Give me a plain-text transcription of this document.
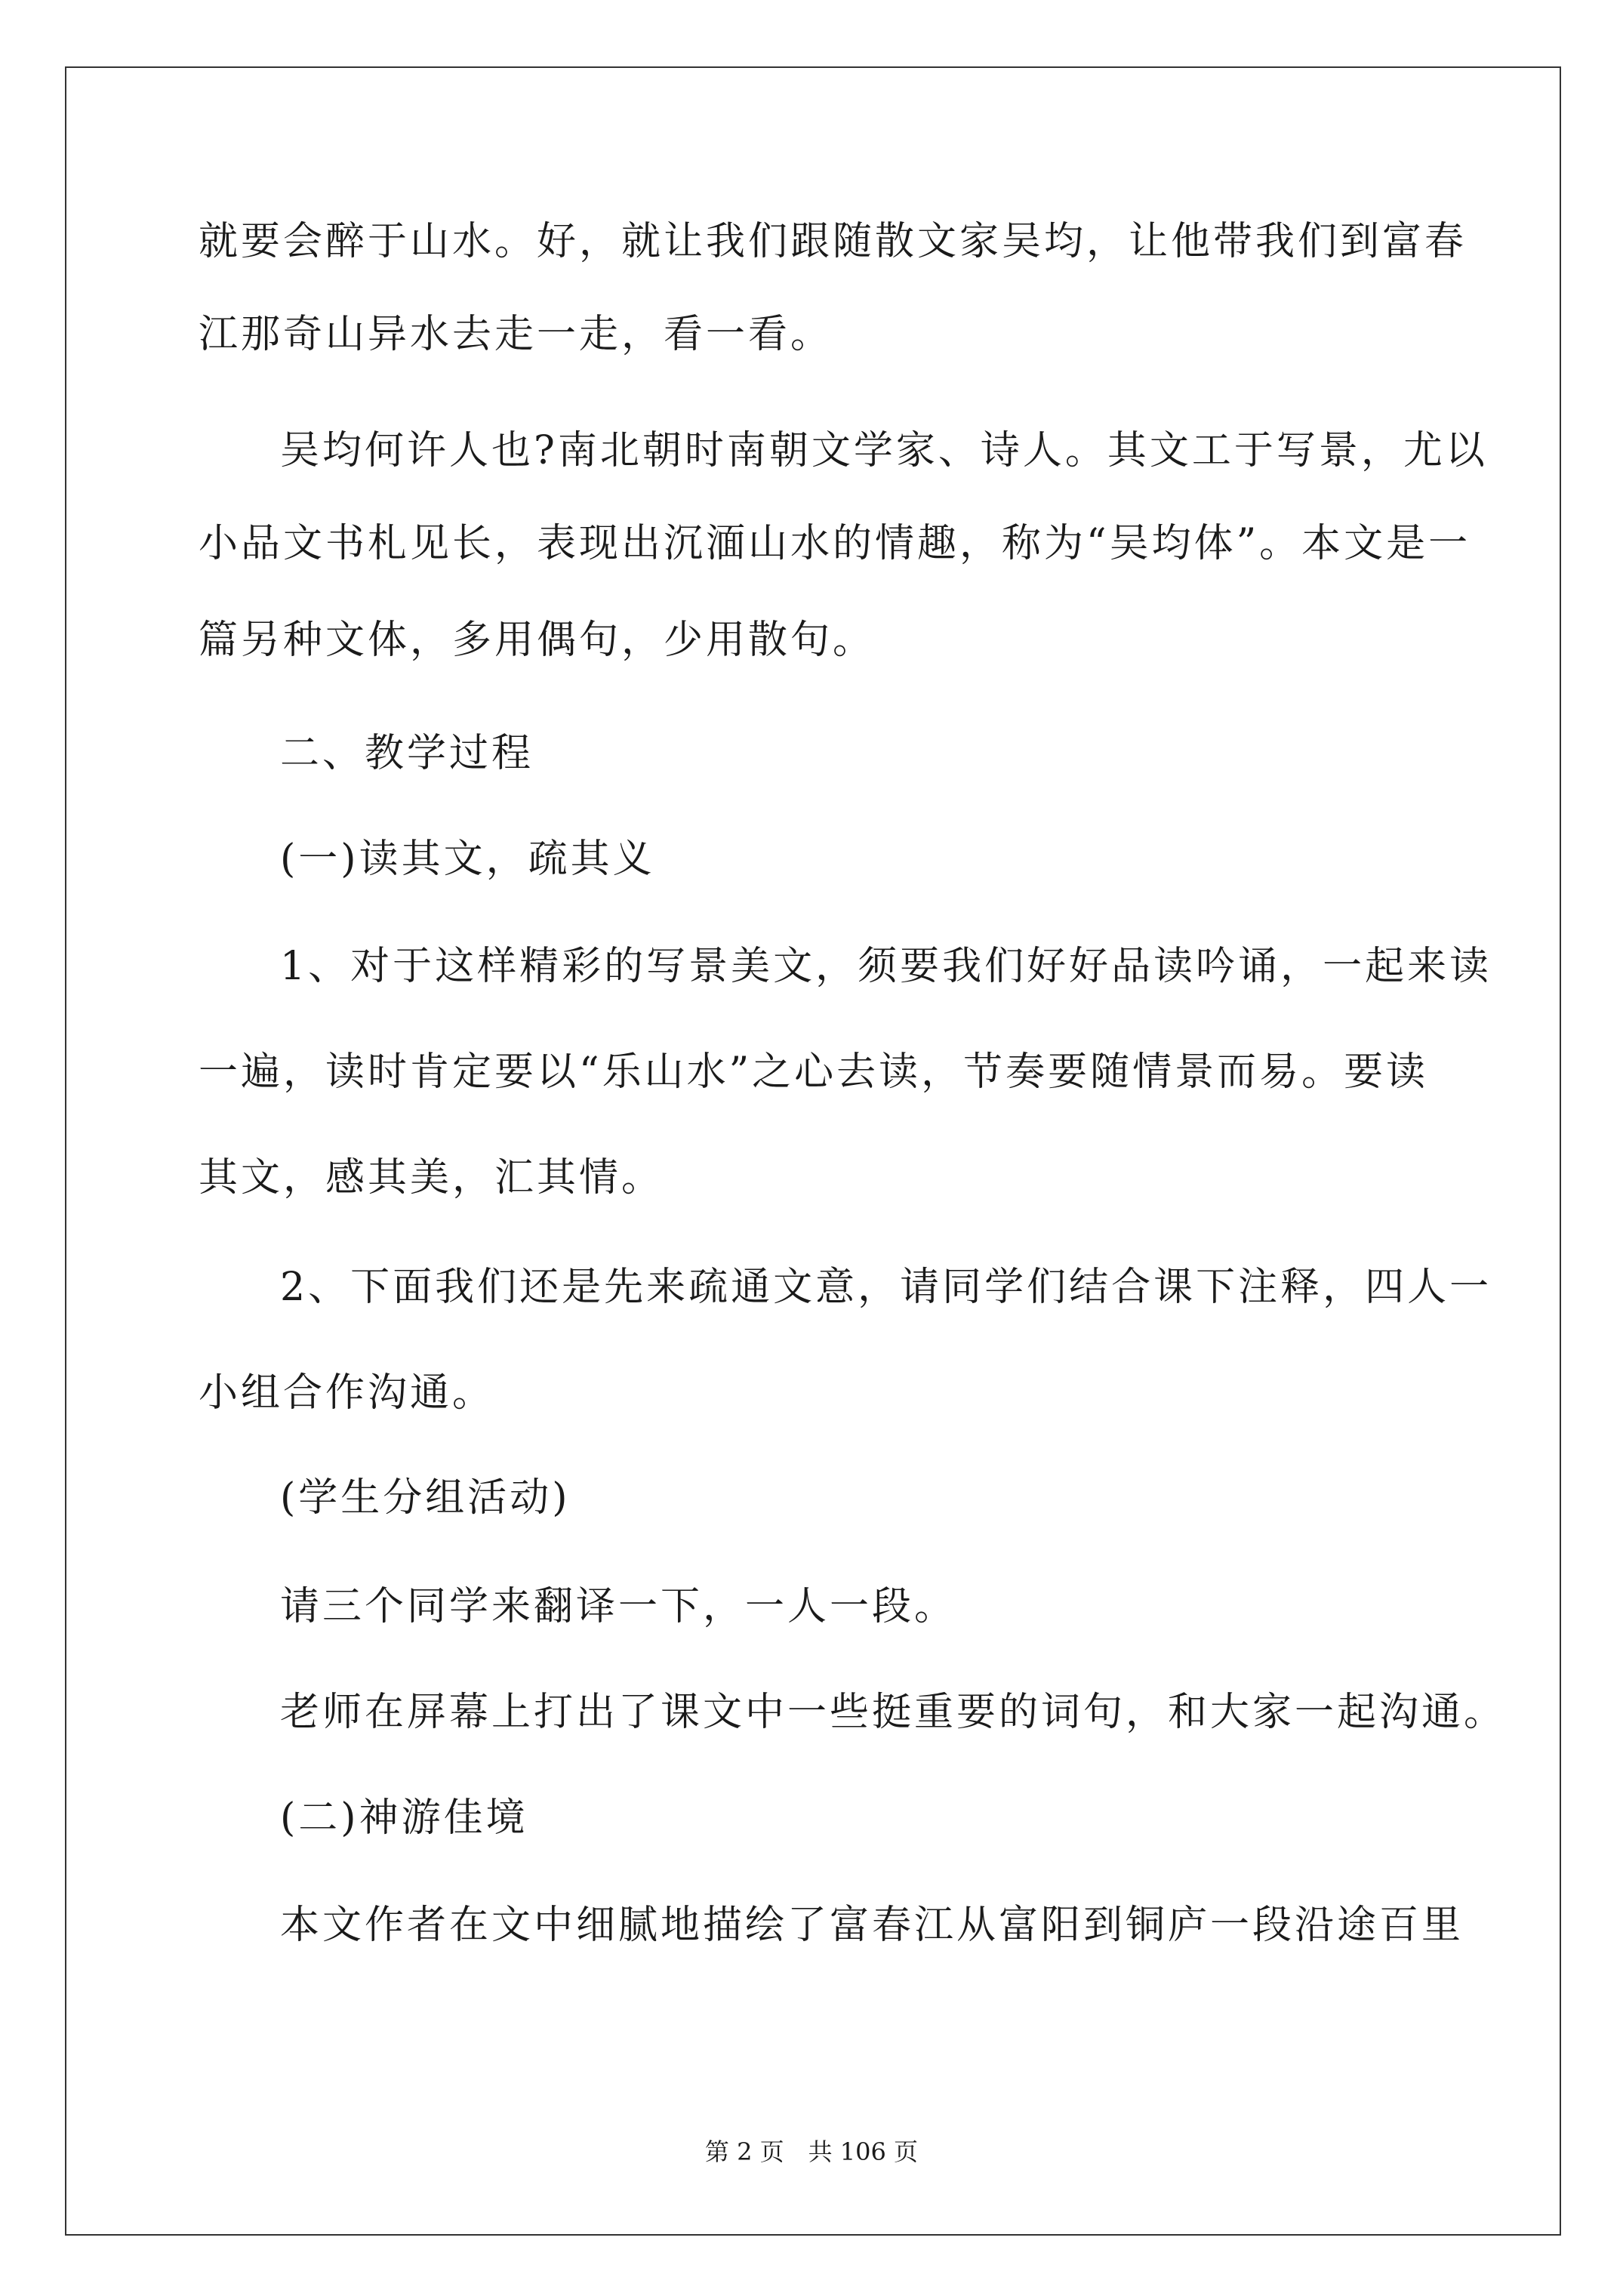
就要会醉于山水。好，就让我们跟随散文家吴均，让他带我们到富春
江那奇山异水去走一走，看一看。
吴均何许人也?南北朝时南朝文学家、诗人。其文工于写景，尤以
小品文书札见长，表现出沉湎山水的情趣，称为“吴均体”。本文是一
篇另种文体，多用偶句，少用散句。
二、教学过程
(一)读其文，疏其义
1、对于这样精彩的写景美文，须要我们好好品读吟诵，一起来读
一遍，读时肯定要以“乐山水”之心去读，节奏要随情景而易。要读
其文，感其美，汇其情。
2、下面我们还是先来疏通文意，请同学们结合课下注释，四人一
小组合作沟通。
(学生分组活动)
请三个同学来翻译一下，一人一段。
老师在屏幕上打出了课文中一些挺重要的词句，和大家一起沟通。
(二)神游佳境
本文作者在文中细腻地描绘了富春江从富阳到铜庐一段沿途百里
第 2 页　共 106 页
